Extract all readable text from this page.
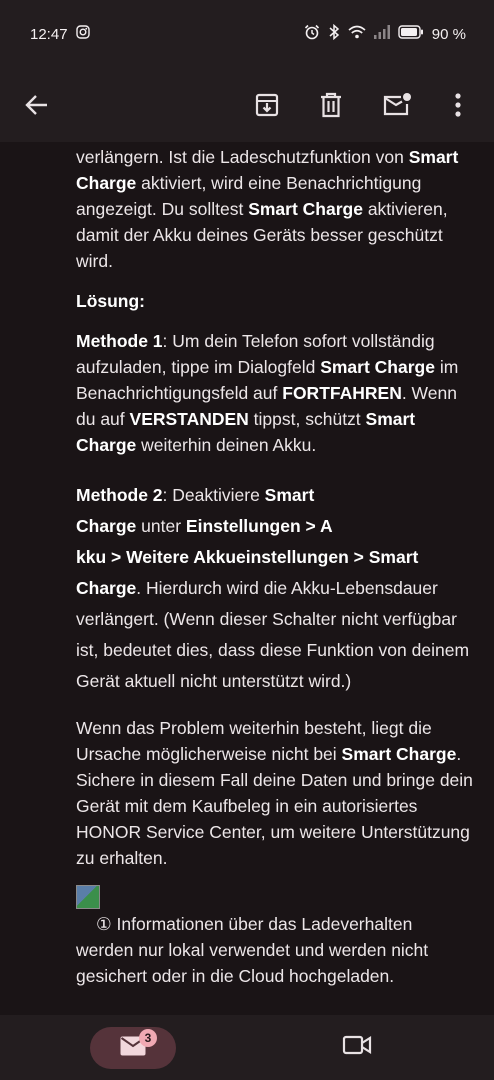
12:47	90 %

verlängern. Ist die Ladeschutzfunktion von Smart Charge aktiviert, wird eine Benachrichtigung angezeigt. Du solltest Smart Charge aktivieren, damit der Akku deines Geräts besser geschützt wird.

Lösung:

Methode 1: Um dein Telefon sofort vollständig aufzuladen, tippe im Dialogfeld Smart Charge im Benachrichtigungsfeld auf FORTFAHREN. Wenn du auf VERSTANDEN tippst, schützt Smart Charge weiterhin deinen Akku.

Methode 2: Deaktiviere Smart
Charge unter Einstellungen > A
kku > Weitere Akkueinstellungen > Smart
Charge. Hierdurch wird die Akku-Lebensdauer verlängert. (Wenn dieser Schalter nicht verfügbar ist, bedeutet dies, dass diese Funktion von deinem Gerät aktuell nicht unterstützt wird.)

Wenn das Problem weiterhin besteht, liegt die Ursache möglicherweise nicht bei Smart Charge. Sichere in diesem Fall deine Daten und bringe dein Gerät mit dem Kaufbeleg in ein autorisiertes HONOR Service Center, um weitere Unterstützung zu erhalten.

① Informationen über das Ladeverhalten werden nur lokal verwendet und werden nicht gesichert oder in die Cloud hochgeladen.

3
